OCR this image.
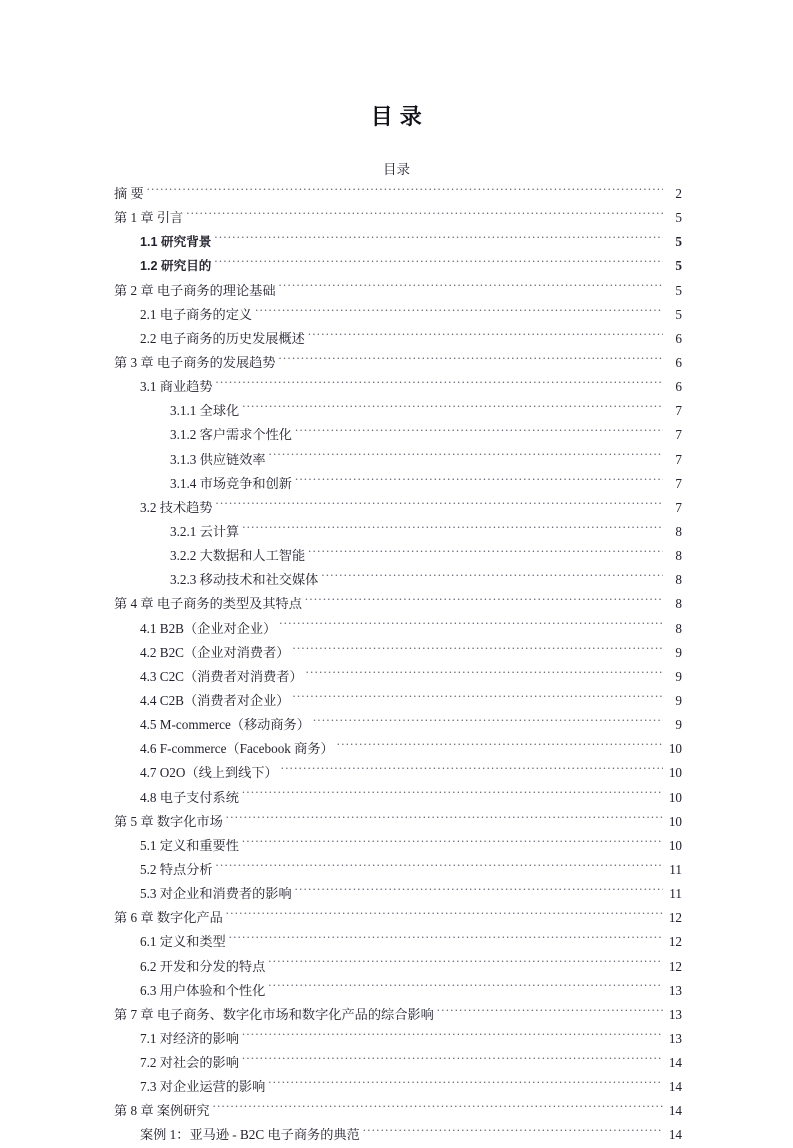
目 录
目录
摘 要 .....	2
第 1 章 引言 .....	5
1.1 研究背景 .....	5
1.2 研究目的 .....	5
第 2 章 电子商务的理论基础 .....	5
2.1 电子商务的定义 .....	5
2.2 电子商务的历史发展概述 .....	6
第 3 章 电子商务的发展趋势 .....	6
3.1 商业趋势 .....	6
3.1.1 全球化 .....	7
3.1.2 客户需求个性化 .....	7
3.1.3 供应链效率 .....	7
3.1.4 市场竞争和创新 .....	7
3.2 技术趋势 .....	7
3.2.1 云计算 .....	8
3.2.2 大数据和人工智能 .....	8
3.2.3 移动技术和社交媒体 .....	8
第 4 章 电子商务的类型及其特点 .....	8
4.1 B2B（企业对企业） .....	8
4.2 B2C（企业对消费者） .....	9
4.3 C2C（消费者对消费者） .....	9
4.4 C2B（消费者对企业） .....	9
4.5 M-commerce（移动商务） .....	9
4.6 F-commerce（Facebook 商务） .....	10
4.7 O2O（线上到线下） .....	10
4.8 电子支付系统 .....	10
第 5 章 数字化市场 .....	10
5.1 定义和重要性 .....	10
5.2 特点分析 .....	11
5.3 对企业和消费者的影响 .....	11
第 6 章 数字化产品 .....	12
6.1 定义和类型 .....	12
6.2 开发和分发的特点 .....	12
6.3 用户体验和个性化 .....	13
第 7 章 电子商务、数字化市场和数字化产品的综合影响 .....	13
7.1 对经济的影响 .....	13
7.2 对社会的影响 .....	14
7.3 对企业运营的影响 .....	14
第 8 章 案例研究 .....	14
案例 1：亚马逊 - B2C 电子商务的典范 .....	14
